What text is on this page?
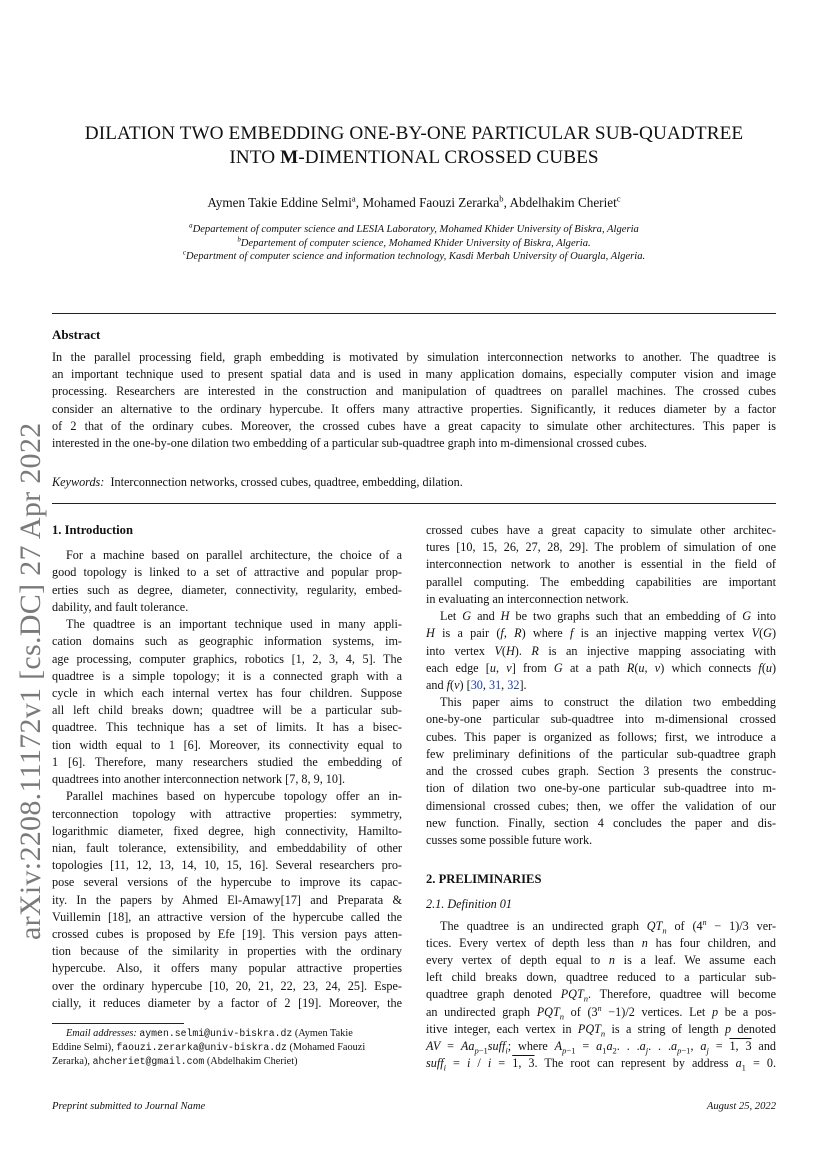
DILATION TWO EMBEDDING ONE-BY-ONE PARTICULAR SUB-QUADTREE
INTO M-DIMENTIONAL CROSSED CUBES
Aymen Takie Eddine Selmi$^a$, Mohamed Faouzi Zerarka$^b$, Abdelhakim Cheriet$^c$
$^a$Departement of computer science and LESIA Laboratory, Mohamed Khider University of Biskra, Algeria
$^b$Departement of computer science, Mohamed Khider University of Biskra, Algeria.
$^c$Department of computer science and information technology, Kasdi Merbah University of Ouargla, Algeria.
Abstract
In the parallel processing field, graph embedding is motivated by simulation interconnection networks to another. The quadtree is
an important technique used to present spatial data and is used in many application domains, especially computer vision and image
processing. Researchers are interested in the construction and manipulation of quadtrees on parallel machines. The crossed cubes
consider an alternative to the ordinary hypercube. It offers many attractive properties. Significantly, it reduces diameter by a factor
of 2 that of the ordinary cubes. Moreover, the crossed cubes have a great capacity to simulate other architectures. This paper is
interested in the one-by-one dilation two embedding of a particular sub-quadtree graph into m-dimensional crossed cubes.
Keywords: Interconnection networks, crossed cubes, quadtree, embedding, dilation.
arXiv:2208.11172v1 [cs.DC] 27 Apr 2022 1. Introduction
For a machine based on parallel architecture, the choice of a
good topology is linked to a set of attractive and popular prop-
erties such as degree, diameter, connectivity, regularity, embed-
dability, and fault tolerance.
The quadtree is an important technique used in many appli-
cation domains such as geographic information systems, im-
age processing, computer graphics, robotics [1, 2, 3, 4, 5]. The
quadtree is a simple topology; it is a connected graph with a
cycle in which each internal vertex has four children. Suppose
all left child breaks down; quadtree will be a particular sub-
quadtree. This technique has a set of limits. It has a bisec-
tion width equal to 1 [6]. Moreover, its connectivity equal to
1 [6]. Therefore, many researchers studied the embedding of
quadtrees into another interconnection network [7, 8, 9, 10].
Parallel machines based on hypercube topology offer an in-
terconnection topology with attractive properties: symmetry,
logarithmic diameter, fixed degree, high connectivity, Hamilto-
nian, fault tolerance, extensibility, and embeddability of other
topologies [11, 12, 13, 14, 10, 15, 16]. Several researchers pro-
pose several versions of the hypercube to improve its capac-
ity. In the papers by Ahmed El-Amawy[17] and Preparata &
Vuillemin [18], an attractive version of the hypercube called the
crossed cubes is proposed by Efe [19]. This version pays atten-
tion because of the similarity in properties with the ordinary
hypercube. Also, it offers many popular attractive properties
over the ordinary hypercube [10, 20, 21, 22, 23, 24, 25]. Espe-
cially, it reduces diameter by a factor of 2 [19]. Moreover, the
crossed cubes have a great capacity to simulate other architec-
tures [10, 15, 26, 27, 28, 29]. The problem of simulation of one
interconnection network to another is essential in the field of
parallel computing. The embedding capabilities are important
in evaluating an interconnection network.
Let G and H be two graphs such that an embedding of G into
H is a pair (f, R) where f is an injective mapping vertex V(G)
into vertex V(H). R is an injective mapping associating with
each edge [u, v] from G at a path R(u, v) which connects f(u)
and f(v) [30, 31, 32].
This paper aims to construct the dilation two embedding
one-by-one particular sub-quadtree into m-dimensional crossed
cubes. This paper is organized as follows; first, we introduce a
few preliminary definitions of the particular sub-quadtree graph
and the crossed cubes graph. Section 3 presents the construc-
tion of dilation two one-by-one particular sub-quadtree into m-
dimensional crossed cubes; then, we offer the validation of our
new function. Finally, section 4 concludes the paper and dis-
cusses some possible future work.
2. PRELIMINARIES
2.1. Definition 01
The quadtree is an undirected graph $QT_n$ of $(4^n - 1)/3$ ver-
tices. Every vertex of depth less than n has four children, and
every vertex of depth equal to n is a leaf. We assume each
left child breaks down, quadtree reduced to a particular sub-
quadtree graph denoted $PQT_n$. Therefore, quadtree will become
an undirected graph $PQT_n$ of $(3^n -1)/2$ vertices. Let p be a pos-
itive integer, each vertex in $PQT_n$ is a string of length p denoted
AV = $Aa_{p-1}suff_i$; where $A_{p-1} = a_1a_2$. . $.a_j$. . $.a_{p-1}$, $a_j = 1$, 3 and
suff$_i$ = i / i = 1, 3. The root can represent by address $a_1 = 0$.
Email addresses: aymen.selmi@univ-biskra.dz (Aymen Takie
Eddine Selmi), faouzi.zerarka@univ-biskra.dz (Mohamed Faouzi
Zerarka), ahcheriet@gmail.com (Abdelhakim Cheriet)
Preprint submitted to Journal Name	August 25, 2022
